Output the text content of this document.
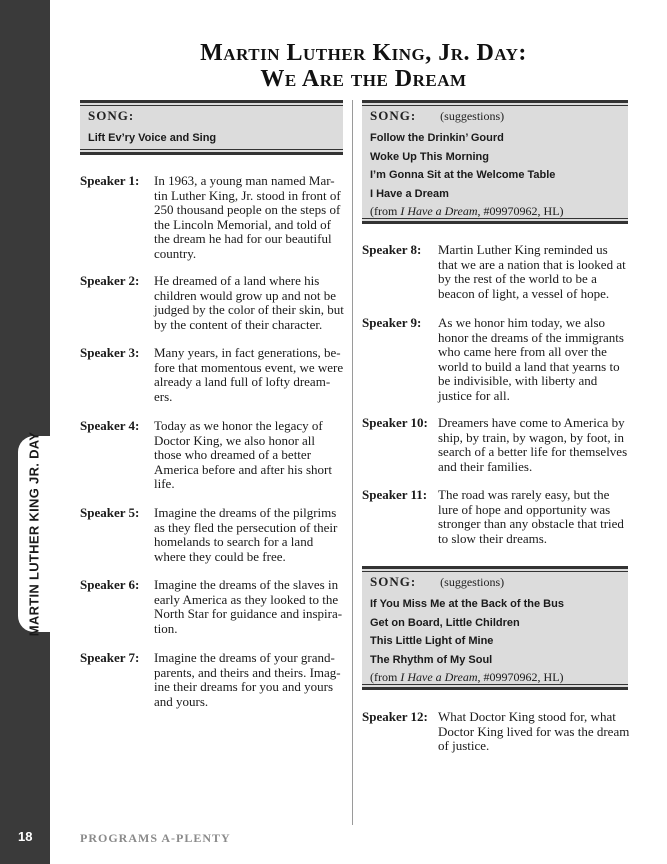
MARTIN LUTHER KING JR. DAY
18	PROGRAMS A-PLENTY
Martin Luther King, Jr. Day:
We Are the Dream
SONG:
Lift Ev’ry Voice and Sing
SONG: (suggestions)
Follow the Drinkin’ Gourd
Woke Up This Morning
I’m Gonna Sit at the Welcome Table
I Have a Dream
(from I Have a Dream, #09970962, HL)
SONG: (suggestions)
If You Miss Me at the Back of the Bus
Get on Board, Little Children
This Little Light of Mine
The Rhythm of My Soul
(from I Have a Dream, #09970962, HL)
Speaker 1:	In 1963, a young man named Mar-tin Luther King, Jr. stood in front of 250 thousand people on the steps of the Lincoln Memorial, and told of the dream he had for our beautiful country.
Speaker 2:	He dreamed of a land where his children would grow up and not be judged by the color of their skin, but by the content of their character.
Speaker 3:	Many years, in fact generations, be-fore that momentous event, we were already a land full of lofty dream-ers.
Speaker 4:	Today as we honor the legacy of Doctor King, we also honor all those who dreamed of a better America before and after his short life.
Speaker 5:	Imagine the dreams of the pilgrims as they fled the persecution of their homelands to search for a land where they could be free.
Speaker 6:	Imagine the dreams of the slaves in early America as they looked to the North Star for guidance and inspira-tion.
Speaker 7:	Imagine the dreams of your grand-parents, and theirs and theirs. Imag-ine their dreams for you and yours and yours.
Speaker 8:	Martin Luther King reminded us that we are a nation that is looked at by the rest of the world to be a beacon of light, a vessel of hope.
Speaker 9:	As we honor him today, we also honor the dreams of the immigrants who came here from all over the world to build a land that yearns to be indivisible, with liberty and justice for all.
Speaker 10: Dreamers have come to America by ship, by train, by wagon, by foot, in search of a better life for themselves and their families.
Speaker 11: The road was rarely easy, but the lure of hope and opportunity was stronger than any obstacle that tried to slow their dreams.
Speaker 12: What Doctor King stood for, what Doctor King lived for was the dream of justice.
